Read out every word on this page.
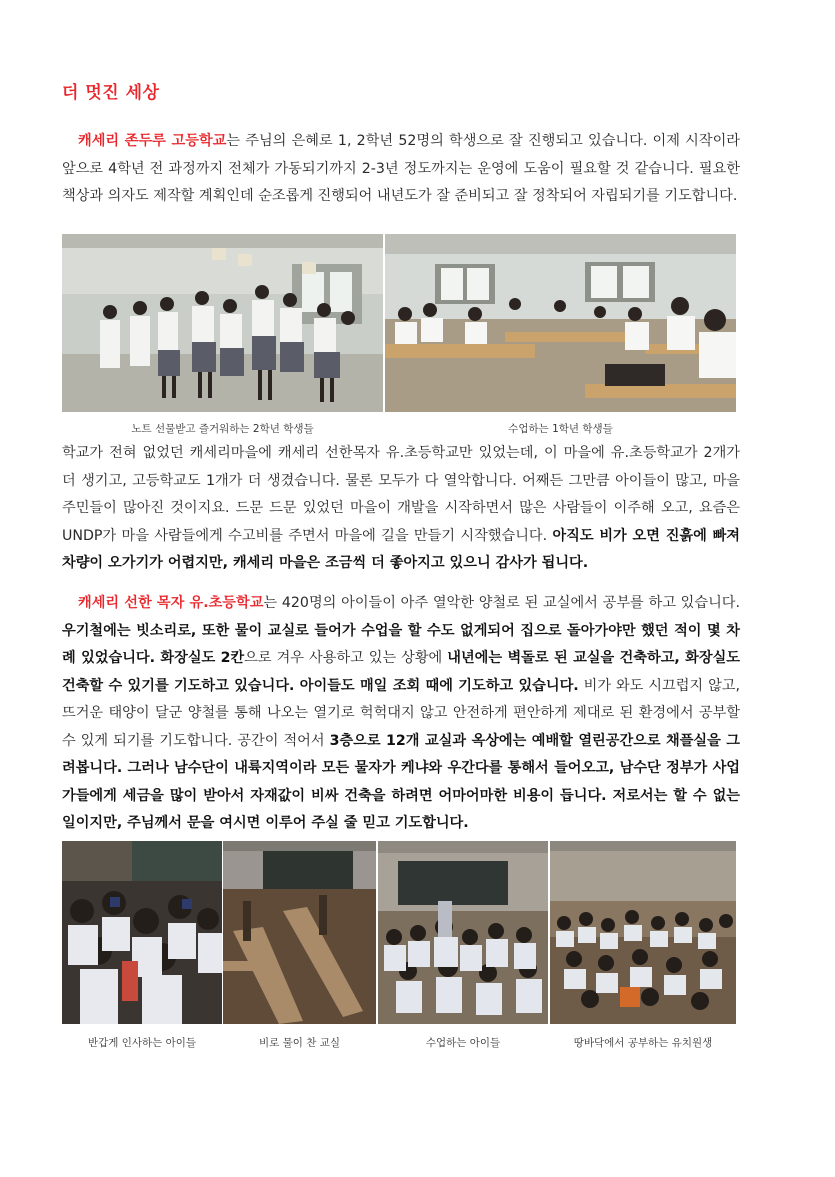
더 멋진 세상
캐세리 존두루 고등학교는 주님의 은혜로 1, 2학년 52명의 학생으로 잘 진행되고 있습니다. 이제 시작이라 앞으로 4학년 전 과정까지 전체가 가동되기까지 2-3년 정도까지는 운영에 도움이 필요할 것 같습니다. 필요한 책상과 의자도 제작할 계획인데 순조롭게 진행되어 내년도가 잘 준비되고 잘 정착되어 자립되기를 기도합니다.
노트 선물받고 즐거워하는 2학년 학생들	수업하는 1학년 학생들
학교가 전혀 없었던 캐세리마을에 캐세리 선한목자 유.초등학교만 있었는데, 이 마을에 유.초등학교가 2개가 더 생기고, 고등학교도 1개가 더 생겼습니다. 물론 모두가 다 열악합니다. 어째든 그만큼 아이들이 많고, 마을주민들이 많아진 것이지요. 드문 드문 있었던 마을이 개발을 시작하면서 많은 사람들이 이주해 오고, 요즘은 UNDP가 마을 사람들에게 수고비를 주면서 마을에 길을 만들기 시작했습니다. 아직도 비가 오면 진흙에 빠져 차량이 오가기가 어렵지만, 캐세리 마을은 조금씩 더 좋아지고 있으니 감사가 됩니다.
캐세리 선한 목자 유.초등학교는 420명의 아이들이 아주 열악한 양철로 된 교실에서 공부를 하고 있습니다. 우기철에는 빗소리로, 또한 물이 교실로 들어가 수업을 할 수도 없게되어 집으로 돌아가야만 했던 적이 몇 차례 있었습니다. 화장실도 2칸으로 겨우 사용하고 있는 상황에 내년에는 벽돌로 된 교실을 건축하고, 화장실도 건축할 수 있기를 기도하고 있습니다. 아이들도 매일 조회 때에 기도하고 있습니다. 비가 와도 시끄럽지 않고, 뜨거운 태양이 달군 양철를 통해 나오는 열기로 헉헉대지 않고 안전하게 편안하게 제대로 된 환경에서 공부할 수 있게 되기를 기도합니다. 공간이 적어서 3층으로 12개 교실과 옥상에는 예배할 열린공간으로 채플실을 그려봅니다. 그러나 남수단이 내륙지역이라 모든 물자가 케냐와 우간다를 통해서 들어오고, 남수단 정부가 사업가들에게 세금을 많이 받아서 자재값이 비싸 건축을 하려면 어마어마한 비용이 듭니다. 저로서는 할 수 없는 일이지만, 주님께서 문을 여시면 이루어 주실 줄 믿고 기도합니다.
반갑게 인사하는 아이들	비로 물이 찬 교실	수업하는 아이들	땅바닥에서 공부하는 유치원생
